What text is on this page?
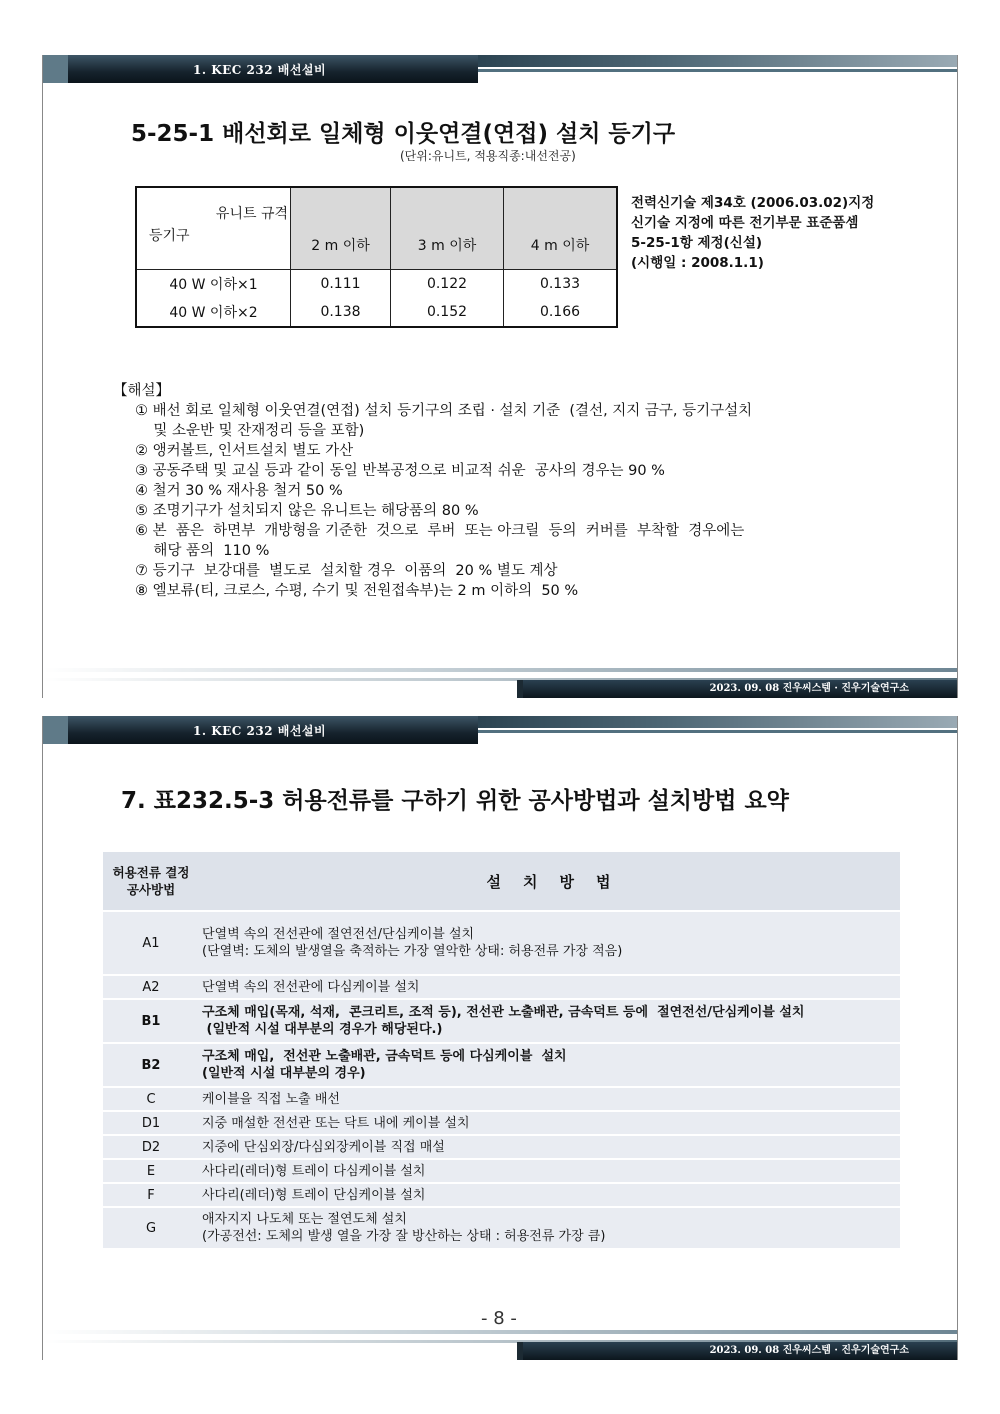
1. KEC 232 배선설비
5-25-1 배선회로 일체형 이웃연결(연접) 설치 등기구
(단위:유니트, 적용직종:내선전공)
유니트 규격
등기구	2 m 이하	3 m 이하	4 m 이하
40 W 이하×1	0.111	0.122	0.133
40 W 이하×2	0.138	0.152	0.166
전력신기술 제34호 (2006.03.02)지정
신기술 지정에 따른 전기부문 표준품셈
5-25-1항 제정(신설)
(시행일 : 2008.1.1)
【해설】
① 배선 회로 일체형 이웃연결(연접) 설치 등기구의 조립 · 설치 기준  (결선, 지지 금구, 등기구설치
및 소운반 및 잔재정리 등을 포함)
② 앵커볼트, 인서트설치 별도 가산
③ 공동주택 및 교실 등과 같이 동일 반복공정으로 비교적 쉬운  공사의 경우는 90 %
④ 철거 30 % 재사용 철거 50 %
⑤ 조명기구가 설치되지 않은 유니트는 해당품의 80 %
⑥ 본  품은  하면부  개방형을 기준한  것으로  루버  또는 아크릴  등의  커버를  부착할  경우에는
해당 품의  110 %
⑦ 등기구  보강대를  별도로  설치할 경우  이품의  20 % 별도 계상
⑧ 엘보류(티, 크로스, 수평, 수기 및 전원접속부)는 2 m 이하의  50 %
2023. 09. 08 진우씨스템 · 진우기술연구소
1. KEC 232 배선설비
7. 표232.5-3 허용전류를 구하기 위한 공사방법과 설치방법 요약
허용전류 결정
공사방법	설치방법
A1	단열벽 속의 전선관에 절연전선/단심케이블 설치
(단열벽: 도체의 발생열을 축적하는 가장 열악한 상태: 허용전류 가장 적음)

A2	단열벽 속의 전선관에 다심케이블 설치

B1	구조체 매입(목재, 석재,  콘크리트, 조적 등), 전선관 노출배관, 금속덕트 등에  절연전선/단심케이블 설치
(일반적 시설 대부분의 경우가 해당된다.)

B2	구조체 매입,  전선관 노출배관, 금속덕트 등에 다심케이블  설치
(일반적 시설 대부분의 경우)

C	케이블을 직접 노출 배선

D1	지중 매설한 전선관 또는 닥트 내에 케이블 설치

D2	지중에 단심외장/다심외장케이블 직접 매설

E	사다리(레더)형 트레이 다심케이블 설치

F	사다리(레더)형 트레이 단심케이블 설치

G	애자지지 나도체 또는 절연도체 설치
(가공전선: 도체의 발생 열을 가장 잘 방산하는 상태 : 허용전류 가장 큼)
- 8 -
2023. 09. 08 진우씨스템 · 진우기술연구소
